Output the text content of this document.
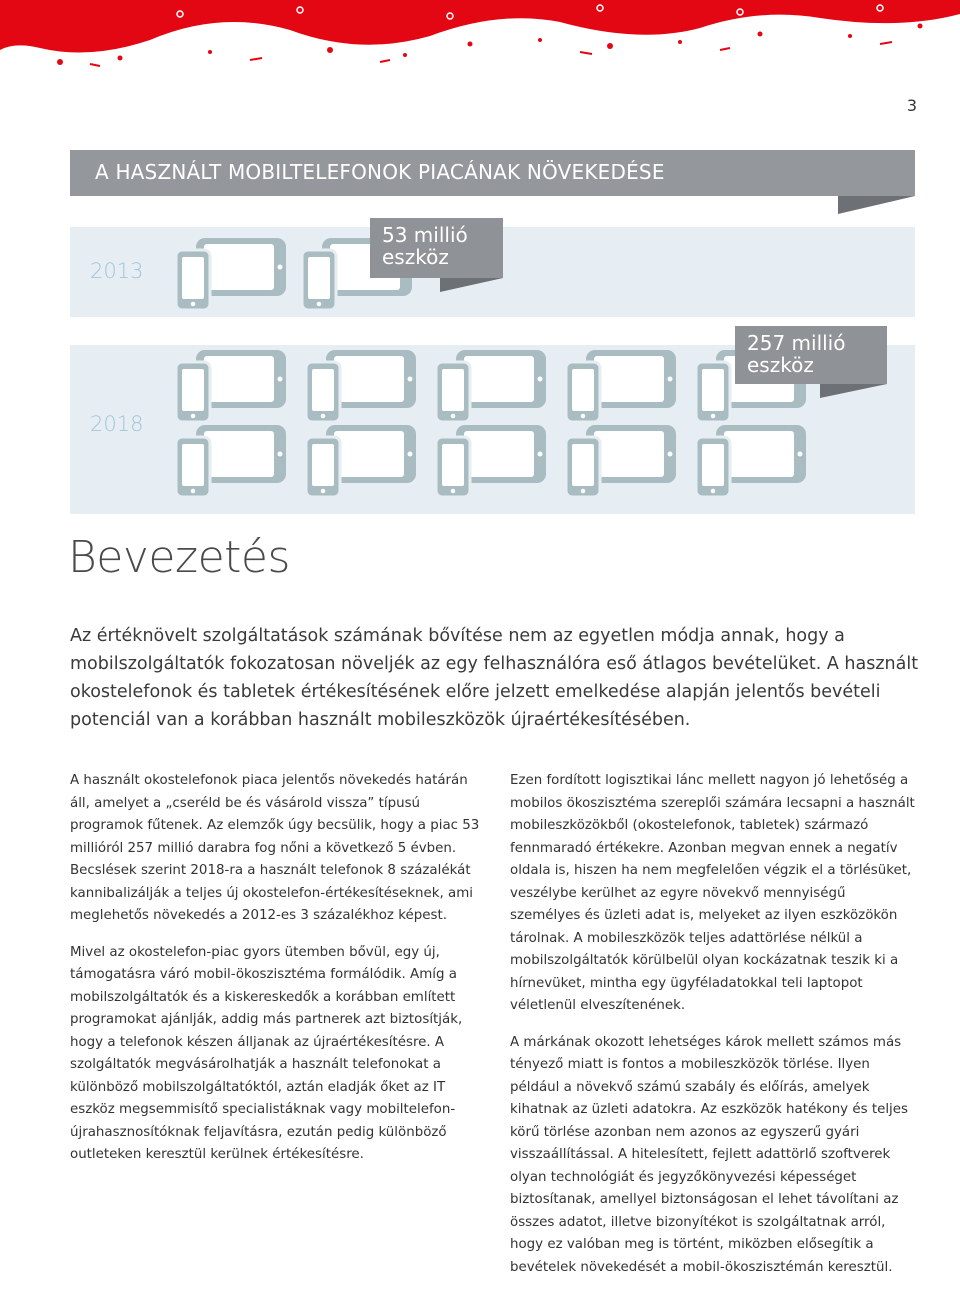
3
A HASZNÁLT MOBILTELEFONOK PIACÁNAK NÖVEKEDÉSE
2013
53 millió
eszköz
2018
257 millió
eszköz
Bevezetés
Az értéknövelt szolgáltatások számának bővítése nem az egyetlen módja annak, hogy a mobilszolgáltatók fokozatosan növeljék az egy felhasználóra eső átlagos bevételüket. A használt okostelefonok és tabletek értékesítésének előre jelzett emelkedése alapján jelentős bevételi potenciál van a korábban használt mobileszközök újraértékesítésében.

A használt okostelefonok piaca jelentős növekedés határán áll, amelyet a „cseréld be és vásárold vissza” típusú programok fűtenek. Az elemzők úgy becsülik, hogy a piac 53 millióról 257 millió darabra fog nőni a következő 5 évben. Becslések szerint 2018-ra a használt telefonok 8 százalékát kannibalizálják a teljes új okostelefon-értékesítéseknek, ami meglehetős növekedés a 2012-es 3 százalékhoz képest.

Mivel az okostelefon-piac gyors ütemben bővül, egy új, támogatásra váró mobil-ökoszisztéma formálódik. Amíg a mobilszolgáltatók és a kiskereskedők a korábban említett programokat ajánlják, addig más partnerek azt biztosítják, hogy a telefonok készen álljanak az újraértékesítésre. A szolgáltatók megvásárolhatják a használt telefonokat a különböző mobilszolgáltatóktól, aztán eladják őket az IT eszköz megsemmisítő specialistáknak vagy mobiltelefon-újrahasznosítóknak feljavításra, ezután pedig különböző outleteken keresztül kerülnek értékesítésre.

Ezen fordított logisztikai lánc mellett nagyon jó lehetőség a mobilos ökoszisztéma szereplői számára lecsapni a használt mobileszközökből (okostelefonok, tabletek) származó fennmaradó értékekre. Azonban megvan ennek a negatív oldala is, hiszen ha nem megfelelően végzik el a törlésüket, veszélybe kerülhet az egyre növekvő mennyiségű személyes és üzleti adat is, melyeket az ilyen eszközökön tárolnak. A mobileszközök teljes adattörlése nélkül a mobilszolgáltatók körülbelül olyan kockázatnak teszik ki a hírnevüket, mintha egy ügyféladatokkal teli laptopot véletlenül elveszítenének.

A márkának okozott lehetséges károk mellett számos más tényező miatt is fontos a mobileszközök törlése. Ilyen például a növekvő számú szabály és előírás, amelyek kihatnak az üzleti adatokra. Az eszközök hatékony és teljes körű törlése azonban nem azonos az egyszerű gyári visszaállítással. A hitelesített, fejlett adattörlő szoftverek olyan technológiát és jegyzőkönyvezési képességet biztosítanak, amellyel biztonságosan el lehet távolítani az összes adatot, illetve bizonyítékot is szolgáltatnak arról, hogy ez valóban meg is történt, miközben elősegítik a bevételek növekedését a mobil-ökoszisztémán keresztül.
